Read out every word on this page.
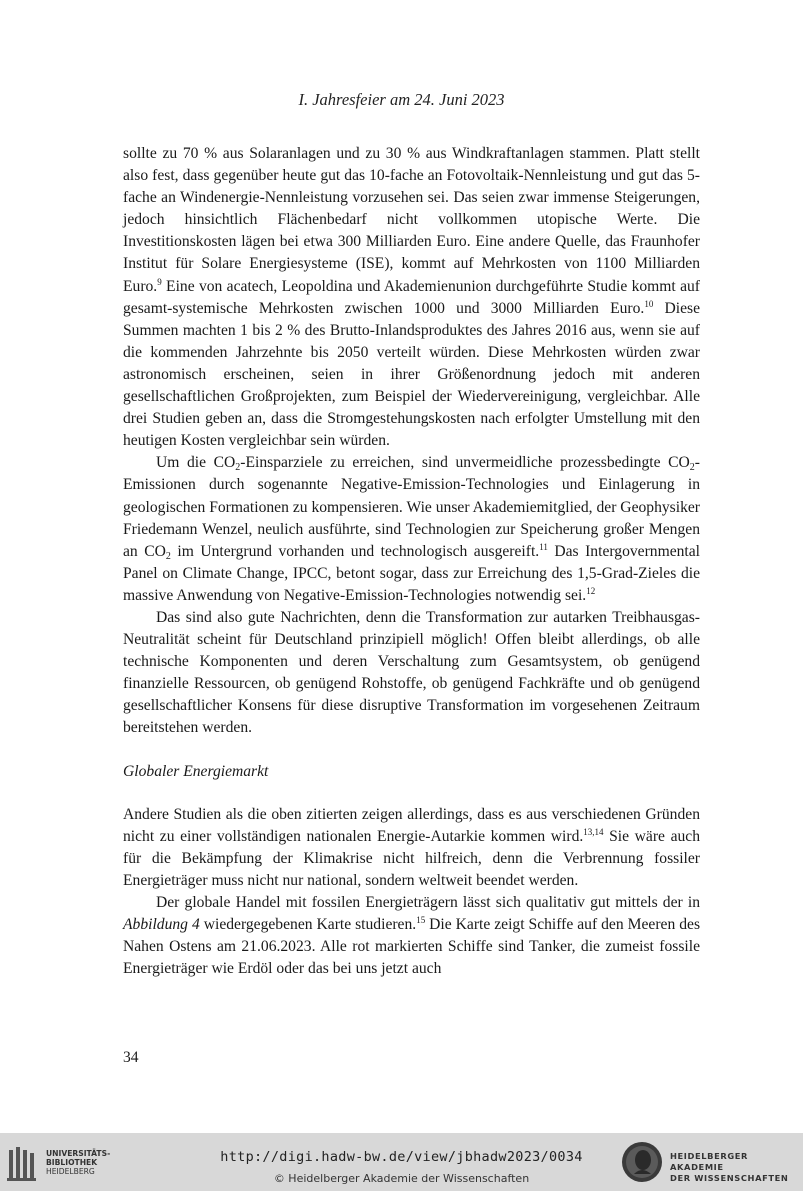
I. Jahresfeier am 24. Juni 2023

sollte zu 70 % aus Solaranlagen und zu 30 % aus Windkraftanlagen stammen. Platt stellt also fest, dass gegenüber heute gut das 10-fache an Fotovoltaik-Nennleistung und gut das 5-fache an Windenergie-Nennleistung vorzusehen sei. Das seien zwar immense Steigerungen, jedoch hinsichtlich Flächenbedarf nicht vollkommen utopische Werte. Die Investitionskosten lägen bei etwa 300 Milliarden Euro. Eine andere Quelle, das Fraunhofer Institut für Solare Energiesysteme (ISE), kommt auf Mehrkosten von 1100 Milliarden Euro.$^9$ Eine von acatech, Leopoldina und Akademienunion durchgeführte Studie kommt auf gesamt-systemische Mehrkosten zwischen 1000 und 3000 Milliarden Euro.$^{10}$ Diese Summen machten 1 bis 2 % des Brutto-Inlandsproduktes des Jahres 2016 aus, wenn sie auf die kommenden Jahrzehnte bis 2050 verteilt würden. Diese Mehrkosten würden zwar astronomisch erscheinen, seien in ihrer Größenordnung jedoch mit anderen gesellschaftlichen Großprojekten, zum Beispiel der Wiedervereinigung, vergleichbar. Alle drei Studien geben an, dass die Stromgestehungskosten nach erfolgter Umstellung mit den heutigen Kosten vergleichbar sein würden.

Um die $CO_2$-Einsparziele zu erreichen, sind unvermeidliche prozessbedingte $CO_2$-Emissionen durch sogenannte Negative-Emission-Technologies und Einlagerung in geologischen Formationen zu kompensieren. Wie unser Akademiemitglied, der Geophysiker Friedemann Wenzel, neulich ausführte, sind Technologien zur Speicherung großer Mengen an $CO_2$ im Untergrund vorhanden und technologisch ausgereift.$^{11}$ Das Intergovernmental Panel on Climate Change, IPCC, betont sogar, dass zur Erreichung des 1,5-Grad-Zieles die massive Anwendung von Negative-Emission-Technologies notwendig sei.$^{12}$

Das sind also gute Nachrichten, denn die Transformation zur autarken Treibhausgas-Neutralität scheint für Deutschland prinzipiell möglich! Offen bleibt allerdings, ob alle technische Komponenten und deren Verschaltung zum Gesamtsystem, ob genügend finanzielle Ressourcen, ob genügend Rohstoffe, ob genügend Fachkräfte und ob genügend gesellschaftlicher Konsens für diese disruptive Transformation im vorgesehenen Zeitraum bereitstehen werden.

Globaler Energiemarkt

Andere Studien als die oben zitierten zeigen allerdings, dass es aus verschiedenen Gründen nicht zu einer vollständigen nationalen Energie-Autarkie kommen wird.$^{13,14}$ Sie wäre auch für die Bekämpfung der Klimakrise nicht hilfreich, denn die Verbrennung fossiler Energieträger muss nicht nur national, sondern weltweit beendet werden.

Der globale Handel mit fossilen Energieträgern lässt sich qualitativ gut mittels der in Abbildung 4 wiedergegebenen Karte studieren.$^{15}$ Die Karte zeigt Schiffe auf den Meeren des Nahen Ostens am 21.06.2023. Alle rot markierten Schiffe sind Tanker, die zumeist fossile Energieträger wie Erdöl oder das bei uns jetzt auch

34
UNIVERSITÄTS-
BIBLIOTHEK
HEIDELBERG
http://digi.hadw-bw.de/view/jbhadw2023/0034
© Heidelberger Akademie der Wissenschaften
HEIDELBERGER AKADEMIE
DER WISSENSCHAFTEN
